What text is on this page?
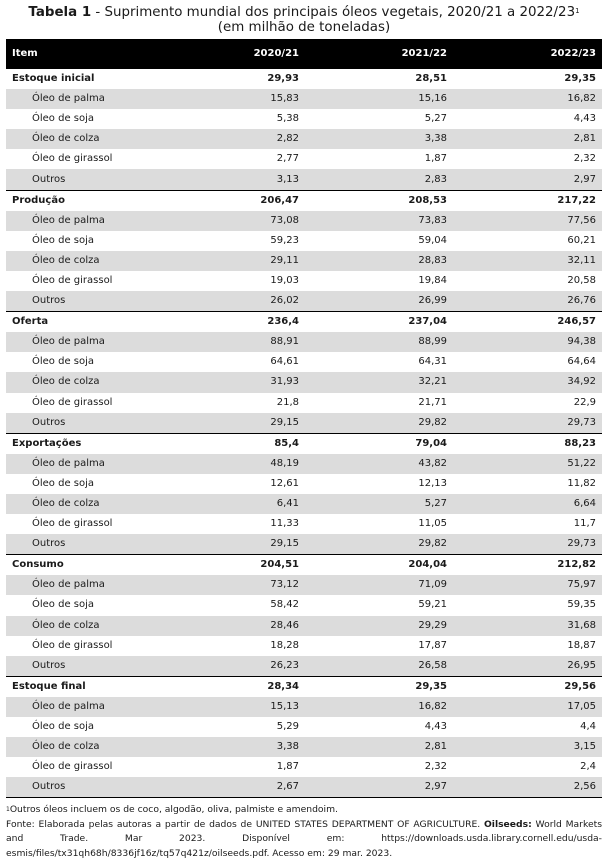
Tabela 1 - Suprimento mundial dos principais óleos vegetais, 2020/21 a $2022/23^1$
(em milhão de toneladas)
Item	2020/21	2021/22	2022/23
Estoque inicial	29,93	28,51	29,35
Óleo de palma	15,83	15,16	16,82
Óleo de soja	5,38	5,27	4,43
Óleo de colza	2,82	3,38	2,81
Óleo de girassol	2,77	1,87	2,32
Outros	3,13	2,83	2,97
Produção	206,47	208,53	217,22
Óleo de palma	73,08	73,83	77,56
Óleo de soja	59,23	59,04	60,21
Óleo de colza	29,11	28,83	32,11
Óleo de girassol	19,03	19,84	20,58
Outros	26,02	26,99	26,76
Oferta	236,4	237,04	246,57
Óleo de palma	88,91	88,99	94,38
Óleo de soja	64,61	64,31	64,64
Óleo de colza	31,93	32,21	34,92
Óleo de girassol	21,8	21,71	22,9
Outros	29,15	29,82	29,73
Exportações	85,4	79,04	88,23
Óleo de palma	48,19	43,82	51,22
Óleo de soja	12,61	12,13	11,82
Óleo de colza	6,41	5,27	6,64
Óleo de girassol	11,33	11,05	11,7
Outros	29,15	29,82	29,73
Consumo	204,51	204,04	212,82
Óleo de palma	73,12	71,09	75,97
Óleo de soja	58,42	59,21	59,35
Óleo de colza	28,46	29,29	31,68
Óleo de girassol	18,28	17,87	18,87
Outros	26,23	26,58	26,95
Estoque final	28,34	29,35	29,56
Óleo de palma	15,13	16,82	17,05
Óleo de soja	5,29	4,43	4,4
Óleo de colza	3,38	2,81	3,15
Óleo de girassol	1,87	2,32	2,4
Outros	2,67	2,97	2,56
$^1$Outros óleos incluem os de coco, algodão, oliva, palmiste e amendoim.
Fonte: Elaborada pelas autoras a partir de dados de UNITED STATES DEPARTMENT OF AGRICULTURE. Oilseeds: World Markets and Trade. Mar 2023. Disponível em: https://downloads.usda.library.cornell.edu/usda-esmis/files/tx31qh68h/8336jf16z/tq57q421z/oilseeds.pdf. Acesso em: 29 mar. 2023.
